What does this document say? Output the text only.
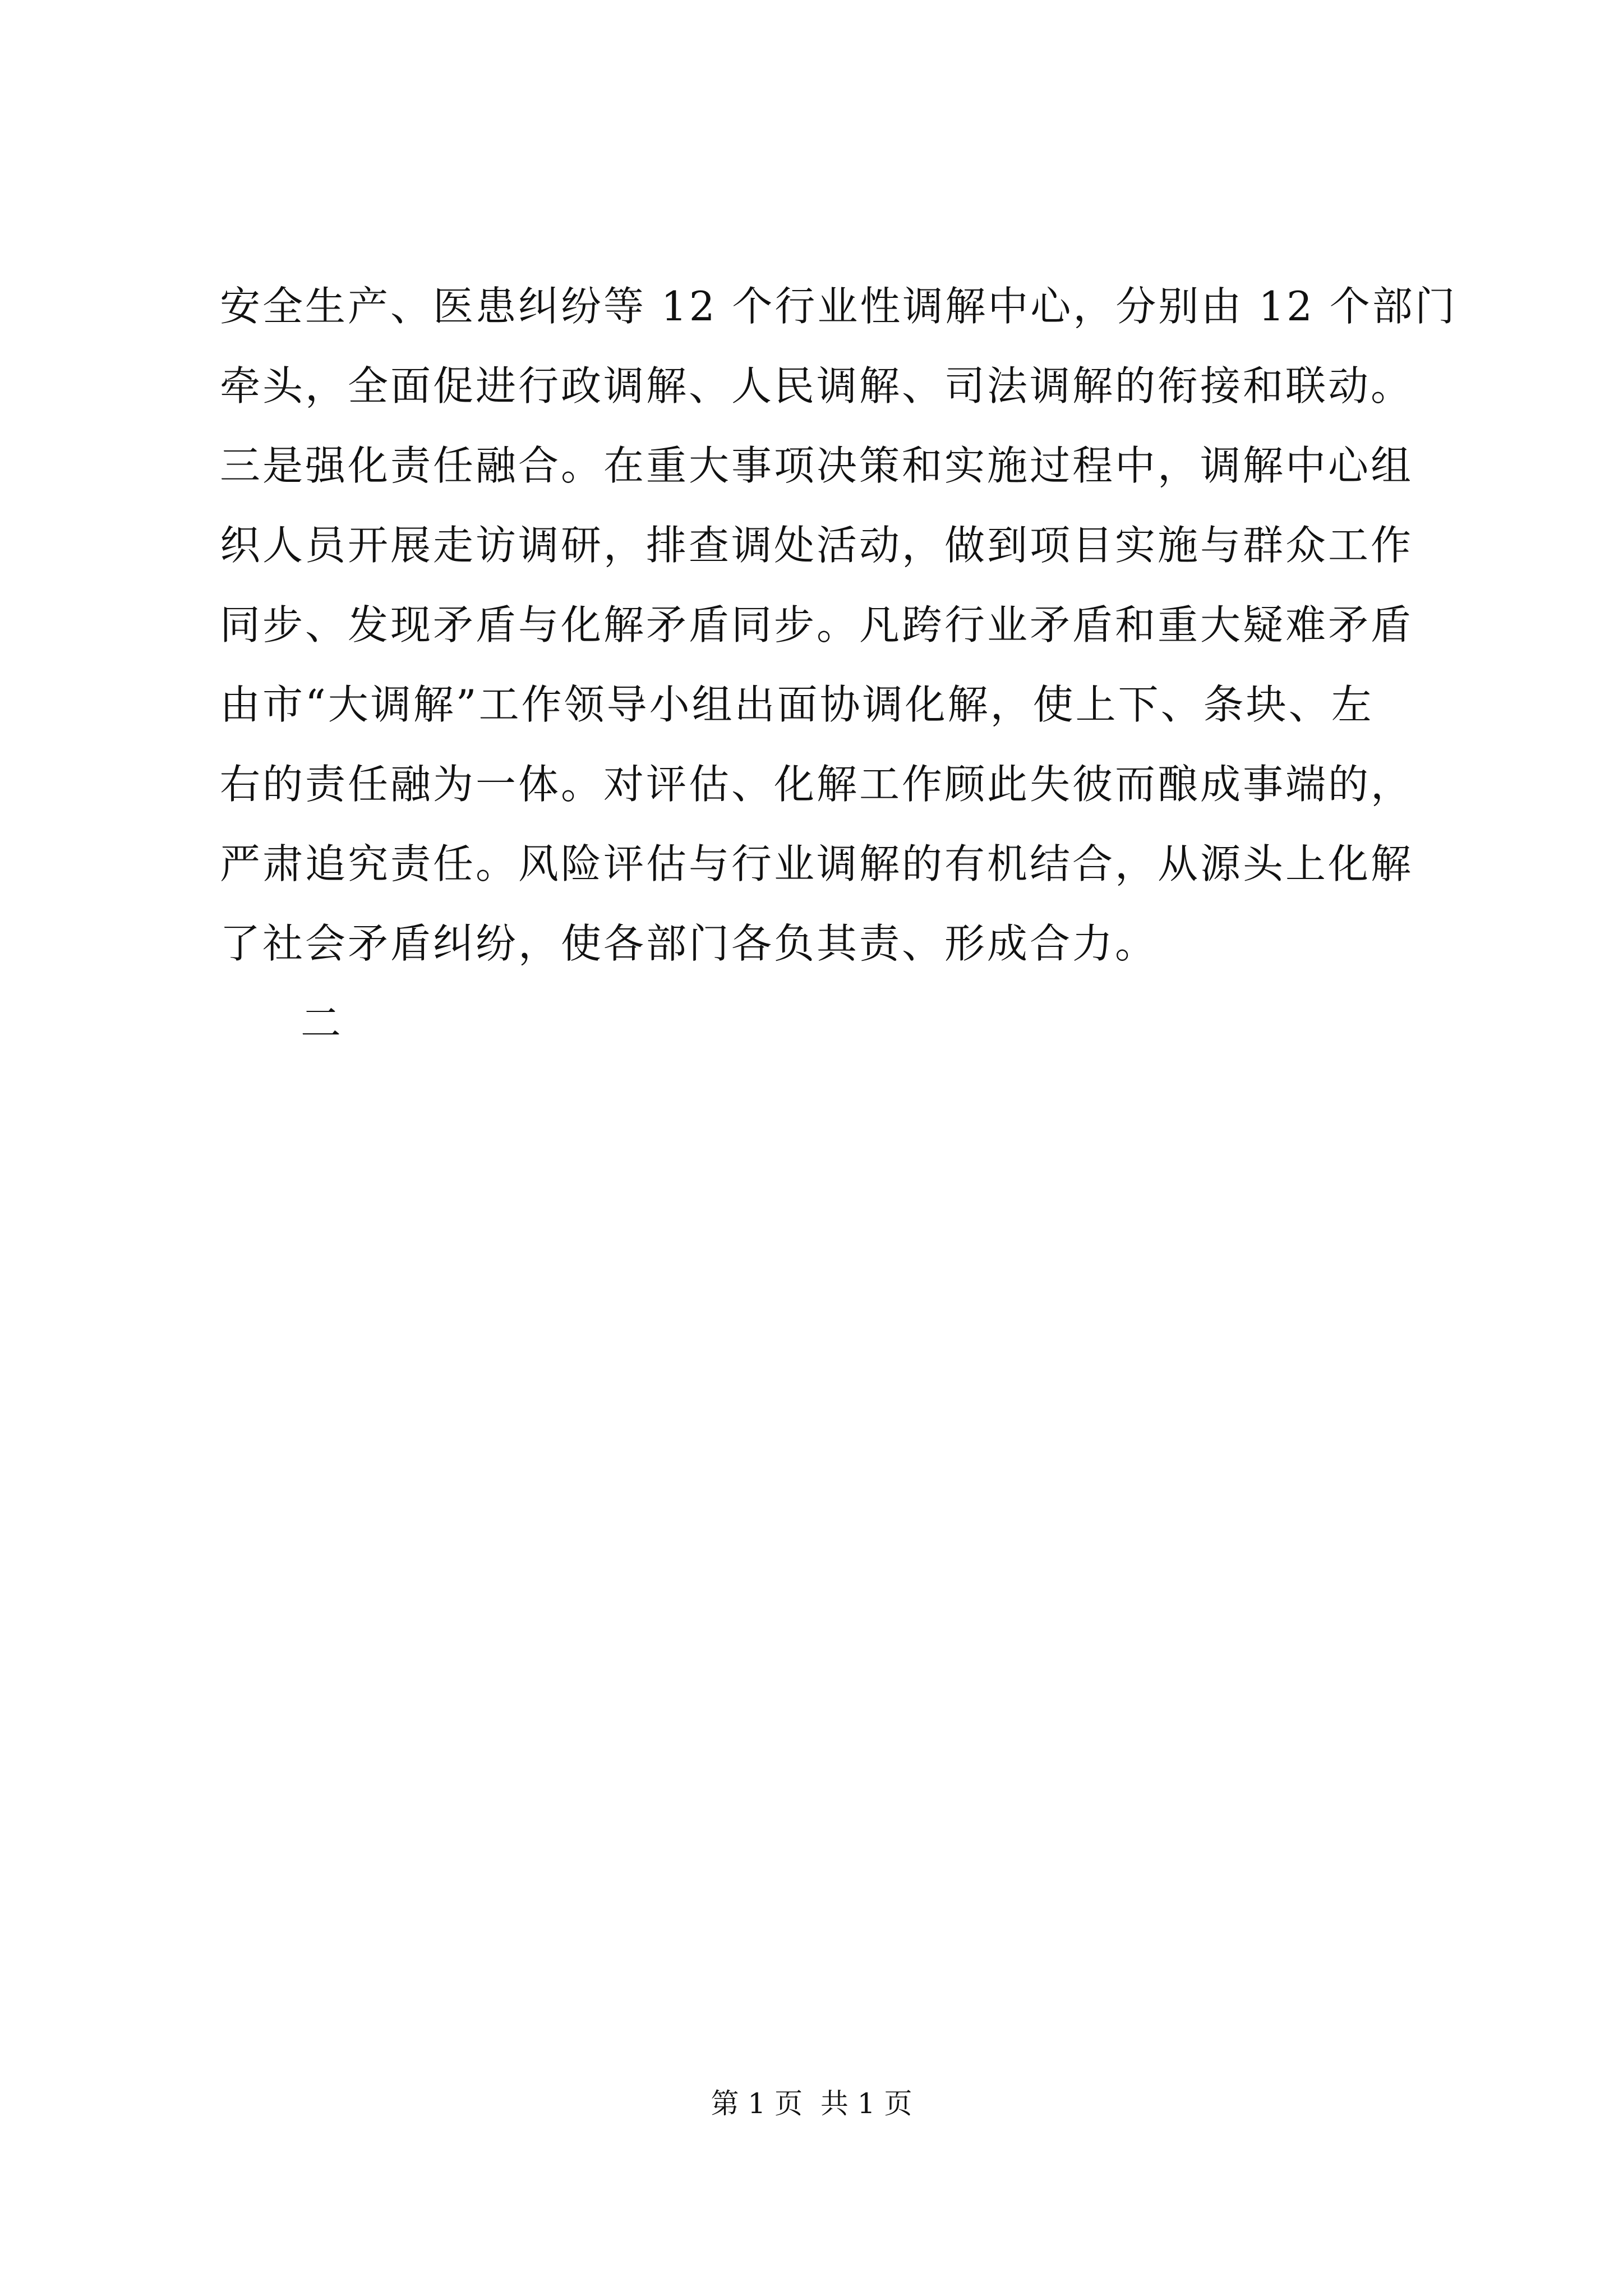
安全生产、医患纠纷等 12 个行业性调解中心，分别由 12 个部门
牵头，全面促进行政调解、人民调解、司法调解的衔接和联动。
三是强化责任融合。在重大事项决策和实施过程中，调解中心组
织人员开展走访调研，排查调处活动，做到项目实施与群众工作
同步、发现矛盾与化解矛盾同步。凡跨行业矛盾和重大疑难矛盾
由市“大调解”工作领导小组出面协调化解，使上下、条块、左
右的责任融为一体。对评估、化解工作顾此失彼而酿成事端的，
严肃追究责任。风险评估与行业调解的有机结合，从源头上化解
了社会矛盾纠纷，使各部门各负其责、形成合力。
二
第 1 页  共 1 页
